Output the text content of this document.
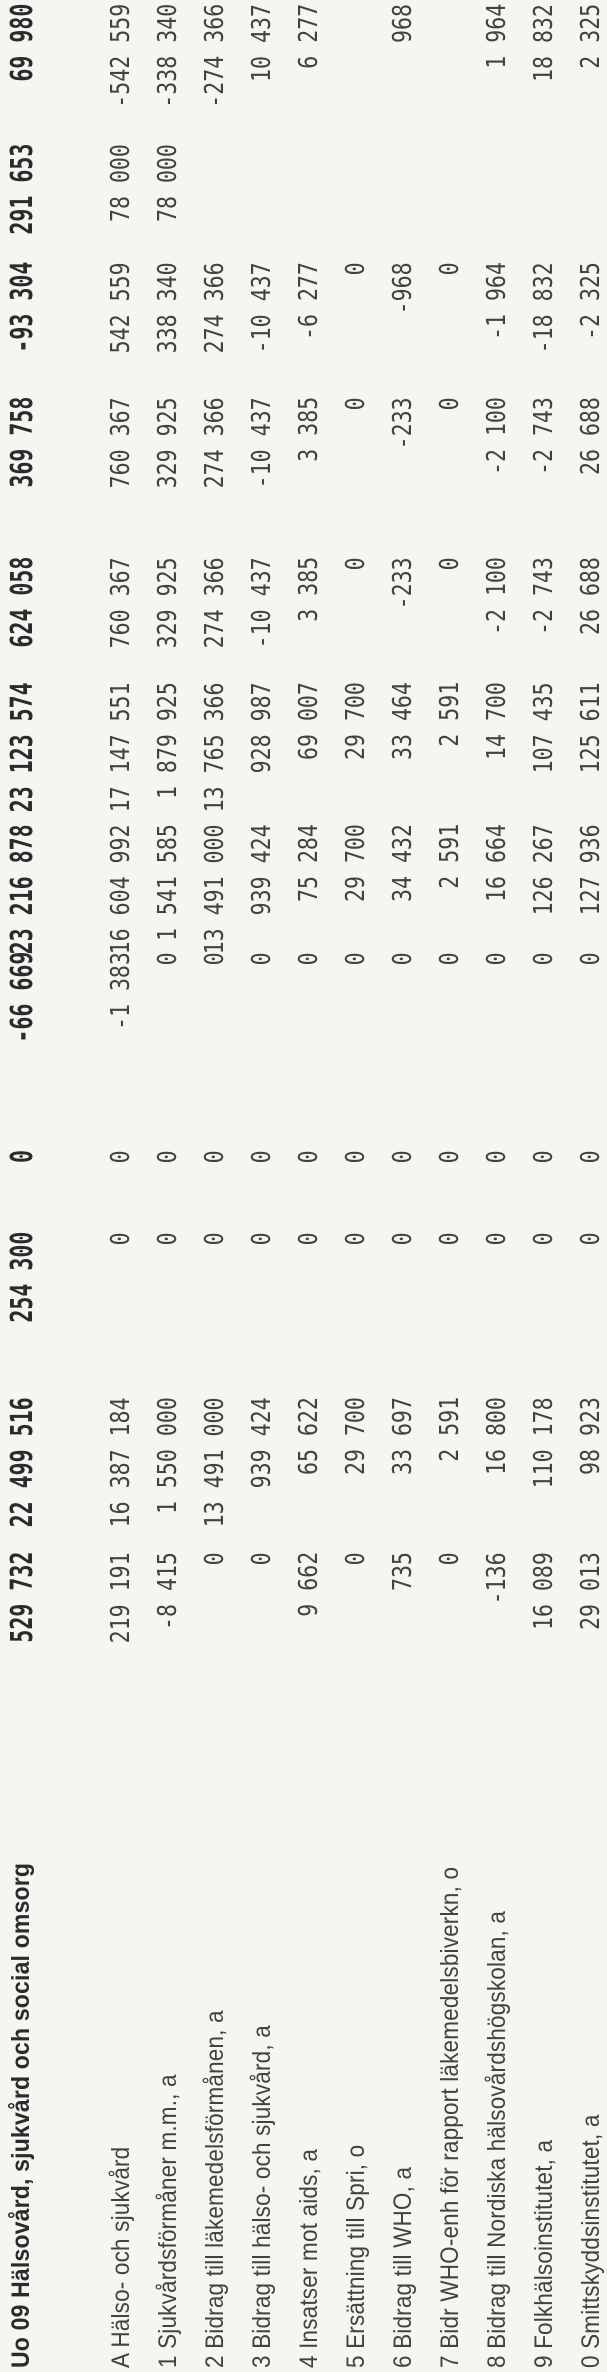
Uo 09 Hälsovård, sjukvård och social omsorg
529 732
22 499 516
254 300
0
-66 669
23 216 878
23 123 574
624 058
369 758
-93 304
291 653
69 980
A Hälso- och sjukvård
219 191
16 387 184
0
0
-1 383
16 604 992
17 147 551
760 367
760 367
542 559
78 000
-542 559
1 Sjukvårdsförmåner m.m., a
-8 415
1 550 000
0
0
0
1 541 585
1 879 925
329 925
329 925
338 340
78 000
-338 340
2 Bidrag till läkemedelsförmånen, a
0
13 491 000
0
0
0
13 491 000
13 765 366
274 366
274 366
274 366
-274 366
3 Bidrag till hälso- och sjukvård, a
0
939 424
0
0
0
939 424
928 987
-10 437
-10 437
-10 437
10 437
4 Insatser mot aids, a
9 662
65 622
0
0
0
75 284
69 007
3 385
3 385
-6 277
6 277
5 Ersättning till Spri, o
0
29 700
0
0
0
29 700
29 700
0
0
0
6 Bidrag till WHO, a
735
33 697
0
0
0
34 432
33 464
-233
-233
-968
968
7 Bidr WHO-enh för rapport läkemedelsbiverkn, o
0
2 591
0
0
0
2 591
2 591
0
0
0
8 Bidrag till Nordiska hälsovårdshögskolan, a
-136
16 800
0
0
0
16 664
14 700
-2 100
-2 100
-1 964
1 964
9 Folkhälsoinstitutet, a
16 089
110 178
0
0
0
126 267
107 435
-2 743
-2 743
-18 832
18 832
0 Smittskyddsinstitutet, a
29 013
98 923
0
0
0
127 936
125 611
26 688
26 688
-2 325
2 325
